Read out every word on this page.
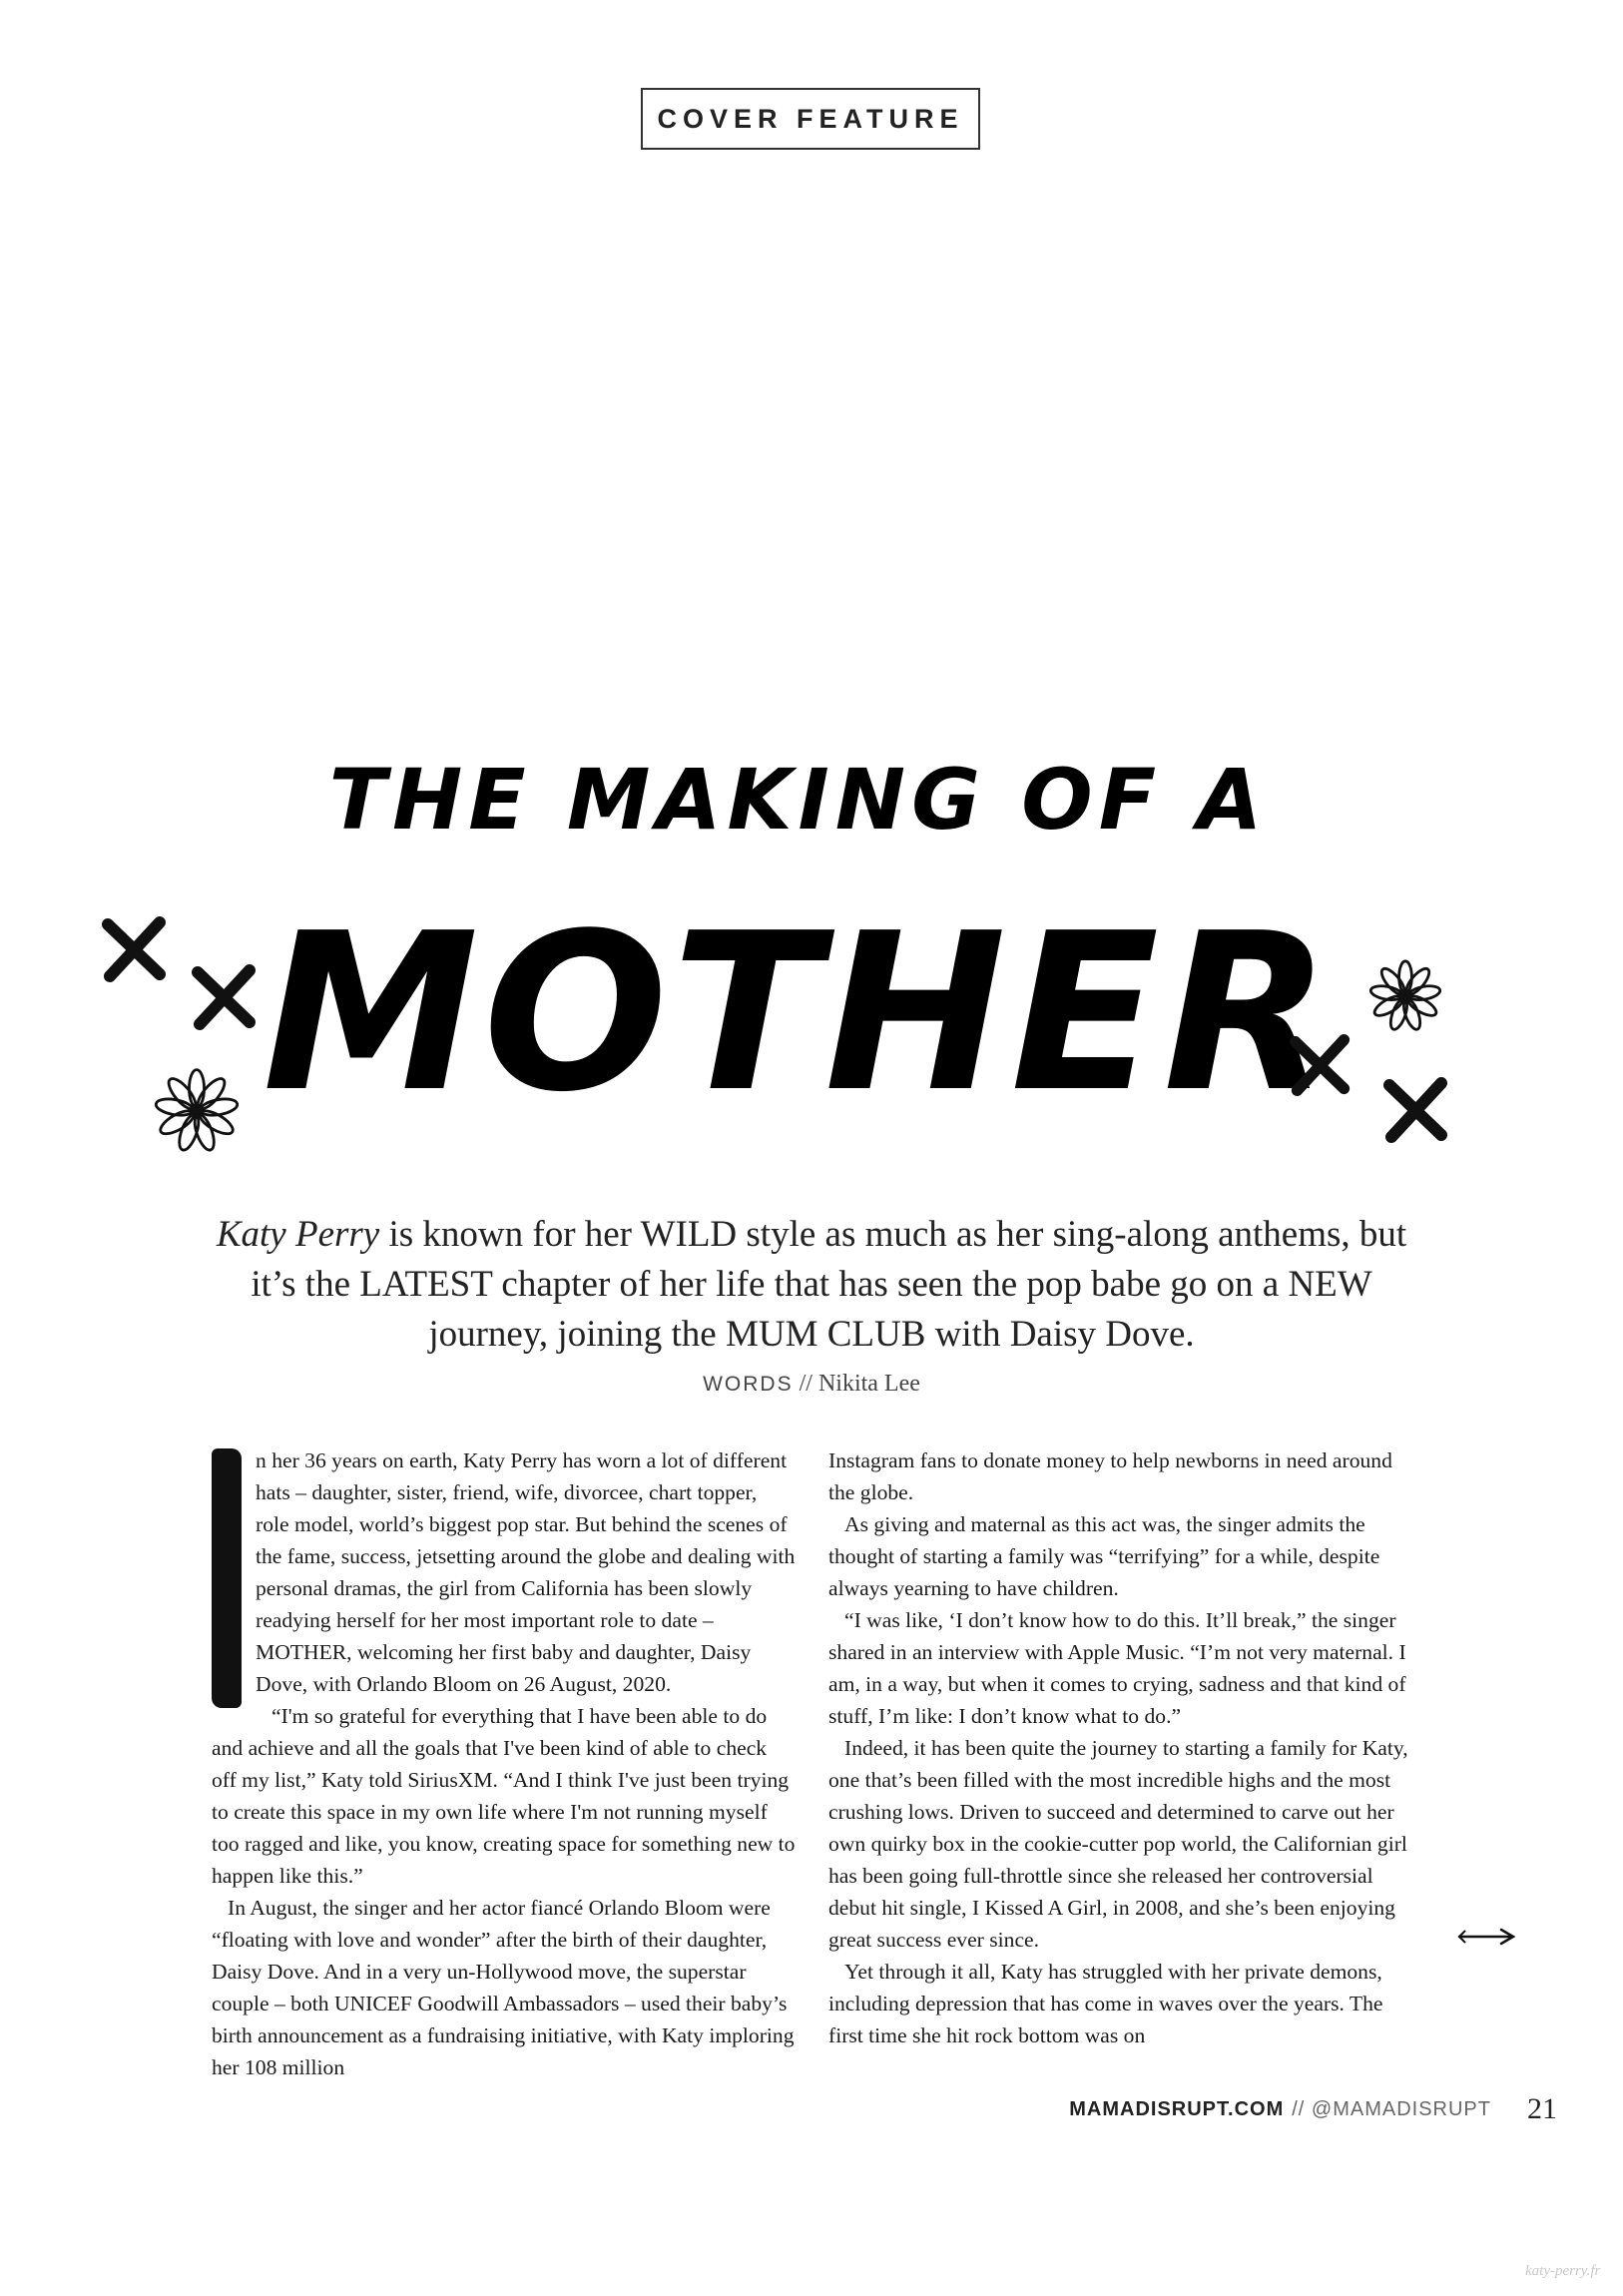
COVER FEATURE
THE MAKING OF A
MOTHER
Katy Perry is known for her WILD style as much as her sing-along anthems, but it’s the LATEST chapter of her life that has seen the pop babe go on a NEW journey, joining the MUM CLUB with Daisy Dove.
WORDS // Nikita Lee

n her 36 years on earth, Katy Perry has worn a lot of different hats – daughter, sister, friend, wife, divorcee, chart topper, role model, world’s biggest pop star. But behind the scenes of the fame, success, jetsetting around the globe and dealing with personal dramas, the girl from California has been slowly readying herself for her most important role to date – MOTHER, welcoming her first baby and daughter, Daisy Dove, with Orlando Bloom on 26 August, 2020.

“I'm so grateful for everything that I have been able to do and achieve and all the goals that I've been kind of able to check off my list,” Katy told SiriusXM. “And I think I've just been trying to create this space in my own life where I'm not running myself too ragged and like, you know, creating space for something new to happen like this.”

In August, the singer and her actor fiancé Orlando Bloom were “floating with love and wonder” after the birth of their daughter, Daisy Dove. And in a very un-Hollywood move, the superstar couple – both UNICEF Goodwill Ambassadors – used their baby’s birth announcement as a fundraising initiative, with Katy imploring her 108 million

Instagram fans to donate money to help newborns in need around the globe.

As giving and maternal as this act was, the singer admits the thought of starting a family was “terrifying” for a while, despite always yearning to have children.

“I was like, ‘I don’t know how to do this. It’ll break,” the singer shared in an interview with Apple Music. “I’m not very maternal. I am, in a way, but when it comes to crying, sadness and that kind of stuff, I’m like: I don’t know what to do.”

Indeed, it has been quite the journey to starting a family for Katy, one that’s been filled with the most incredible highs and the most crushing lows. Driven to succeed and determined to carve out her own quirky box in the cookie-cutter pop world, the Californian girl has been going full-throttle since she released her controversial debut hit single, I Kissed A Girl, in 2008, and she’s been enjoying great success ever since.

Yet through it all, Katy has struggled with her private demons, including depression that has come in waves over the years. The first time she hit rock bottom was on

MAMADISRUPT.COM // @MAMADISRUPT 21
katy-perry.fr
